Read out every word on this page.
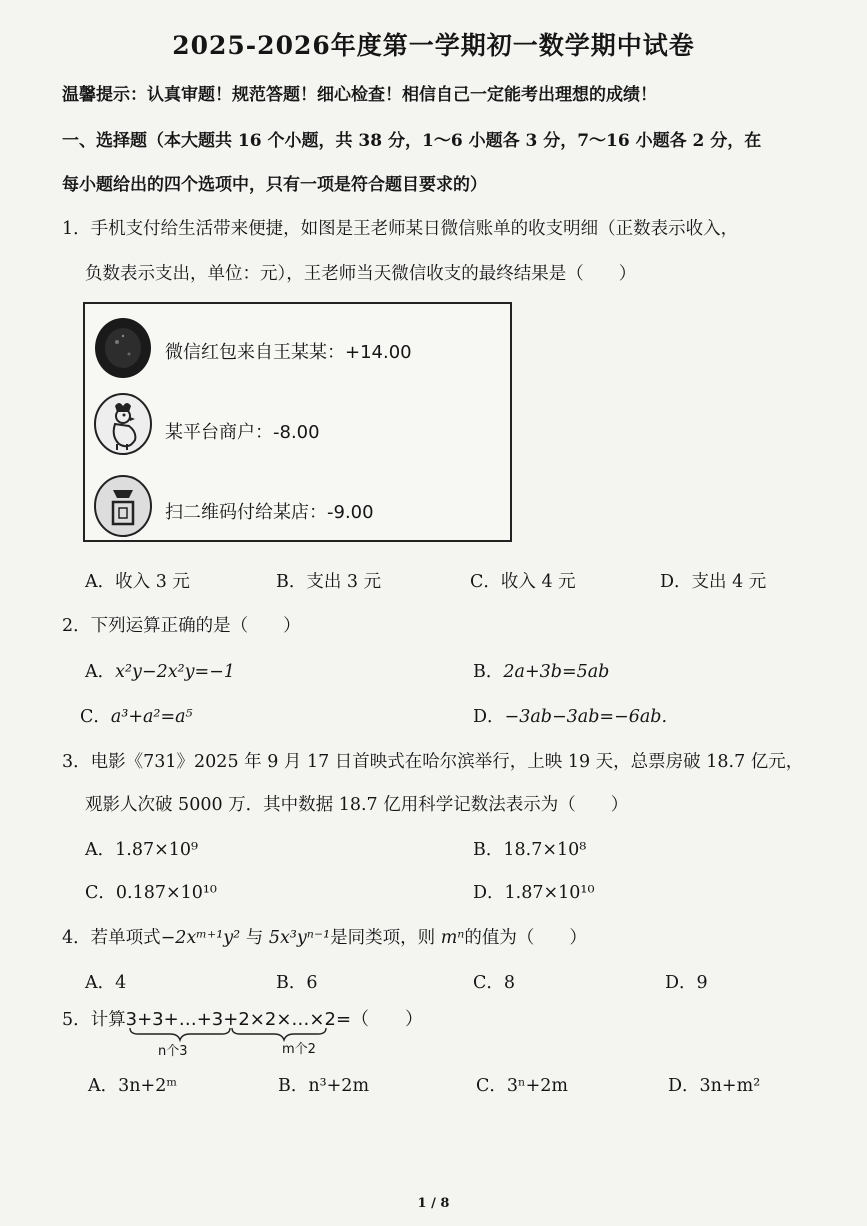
2025-2026年度第一学期初一数学期中试卷
温馨提示：认真审题！规范答题！细心检查！相信自己一定能考出理想的成绩！
一、选择题（本大题共 16 个小题，共 38 分，1～6 小题各 3 分，7～16 小题各 2 分，在
每小题给出的四个选项中，只有一项是符合题目要求的）
1．手机支付给生活带来便捷，如图是王老师某日微信账单的收支明细（正数表示收入，
负数表示支出，单位：元），王老师当天微信收支的最终结果是（　　）
微信红包来自王某某：+14.00
某平台商户：-8.00
扫二维码付给某店：-9.00
A．收入 3 元	B．支出 3 元	C．收入 4 元	D．支出 4 元
2．下列运算正确的是（　　）
A．x²y−2x²y=−1	B．2a+3b=5ab
C．a³+a²=a⁵	D．−3ab−3ab=−6ab.
3．电影《731》2025 年 9 月 17 日首映式在哈尔滨举行，上映 19 天，总票房破 18.7 亿元，
观影人次破 5000 万．其中数据 18.7 亿用科学记数法表示为（　　）
A．1.87×10⁹	B．18.7×10⁸
C．0.187×10¹⁰	D．1.87×10¹⁰
4．若单项式−2xᵐ⁺¹y² 与 5x³yⁿ⁻¹是同类项，则 mⁿ的值为（　　）
A．4	B．6	C．8	D．9
5．计算3+3+…+3+2×2×…×2=（　　）
n个3	m个2
A．3n+2ᵐ	B．n³+2m	C．3ⁿ+2m	D．3n+m²
1 / 8
